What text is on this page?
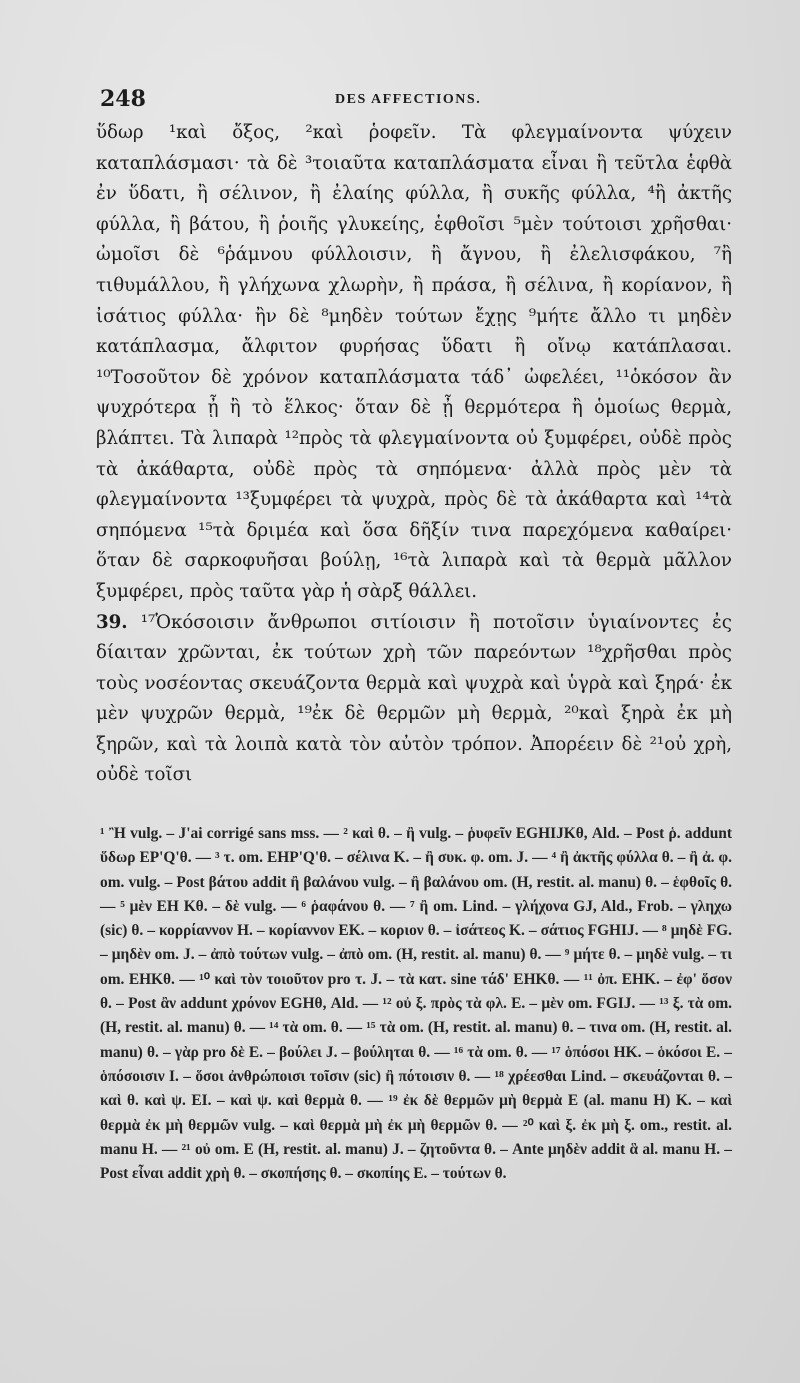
248	DES AFFECTIONS.

ὕδωρ ¹καὶ ὄξος, ²καὶ ῥοφεῖν. Τὰ φλεγμαίνοντα ψύχειν καταπλάσμασι· τὰ δὲ ³τοιαῦτα καταπλάσματα εἶναι ἢ τεῦτλα ἑφθὰ ἐν ὕδατι, ἢ σέλινον, ἢ ἐλαίης φύλλα, ἢ συκῆς φύλλα, ⁴ἢ ἀκτῆς φύλλα, ἢ βάτου, ἢ ῥοιῆς γλυκείης, ἑφθοῖσι ⁵μὲν τούτοισι χρῆσθαι· ὠμοῖσι δὲ ⁶ῥάμνου φύλλοισιν, ἢ ἄγνου, ἢ ἐλελισφάκου, ⁷ἢ τιθυμάλλου, ἢ γλήχωνα χλωρὴν, ἢ πράσα, ἢ σέλινα, ἢ κορίανον, ἢ ἰσάτιος φύλλα· ἢν δὲ ⁸μηδὲν τούτων ἔχῃς ⁹μήτε ἄλλο τι μηδὲν κατάπλασμα, ἄλφιτον φυρήσας ὕδατι ἢ οἴνῳ κατάπλασαι. ¹⁰Τοσοῦτον δὲ χρόνον καταπλάσματα τάδ᾽ ὠφελέει, ¹¹ὁκόσον ἂν ψυχρότερα ᾖ ἢ τὸ ἕλκος· ὅταν δὲ ᾖ θερμότερα ἢ ὁμοίως θερμὰ, βλάπτει. Τὰ λιπαρὰ ¹²πρὸς τὰ φλεγμαίνοντα οὐ ξυμφέρει, οὐδὲ πρὸς τὰ ἀκάθαρτα, οὐδὲ πρὸς τὰ σηπόμενα· ἀλλὰ πρὸς μὲν τὰ φλεγμαίνοντα ¹³ξυμφέρει τὰ ψυχρὰ, πρὸς δὲ τὰ ἀκάθαρτα καὶ ¹⁴τὰ σηπόμενα ¹⁵τὰ δριμέα καὶ ὅσα δῆξίν τινα παρεχόμενα καθαίρει· ὅταν δὲ σαρκοφυῆσαι βούλῃ, ¹⁶τὰ λιπαρὰ καὶ τὰ θερμὰ μᾶλλον ξυμφέρει, πρὸς ταῦτα γὰρ ἡ σὰρξ θάλλει.

39. ¹⁷Ὁκόσοισιν ἄνθρωποι σιτίοισιν ἢ ποτοῖσιν ὑγιαίνοντες ἐς δίαιταν χρῶνται, ἐκ τούτων χρὴ τῶν παρεόντων ¹⁸χρῆσθαι πρὸς τοὺς νοσέοντας σκευάζοντα θερμὰ καὶ ψυχρὰ καὶ ὑγρὰ καὶ ξηρά· ἐκ μὲν ψυχρῶν θερμὰ, ¹⁹ἐκ δὲ θερμῶν μὴ θερμὰ, ²⁰καὶ ξηρὰ ἐκ μὴ ξηρῶν, καὶ τὰ λοιπὰ κατὰ τὸν αὐτὸν τρόπον. Ἀπορέειν δὲ ²¹οὐ χρὴ, οὐδὲ τοῖσι

¹ Ἢ vulg. – J'ai corrigé sans mss. — ² καὶ θ. – ἢ vulg. – ῥυφεῖν EGHIJKθ, Ald. – Post ῥ. addunt ὕδωρ EP'Q'θ. — ³ τ. om. EHP'Q'θ. – σέλινα K. – ἢ συκ. φ. om. J. — ⁴ ἢ ἀκτῆς φύλλα θ. – ἢ ἀ. φ. om. vulg. – Post βάτου addit ἢ βαλάνου vulg. – ἢ βαλάνου om. (H, restit. al. manu) θ. – ἑφθοῖς θ. — ⁵ μὲν EH Kθ. – δὲ vulg. — ⁶ ῥαφάνου θ. — ⁷ ἢ om. Lind. – γλήχονα GJ, Ald., Frob. – γληχω (sic) θ. – κορρίαννον H. – κορίαννον EK. – κοριον θ. – ἰσάτεος K. – σάτιος FGHIJ. — ⁸ μηδὲ FG. – μηδὲν om. J. – ἀπὸ τούτων vulg. – ἀπὸ om. (H, restit. al. manu) θ. — ⁹ μήτε θ. – μηδὲ vulg. – τι om. EHKθ. — ¹⁰ καὶ τὸν τοιοῦτον pro τ. J. – τὰ κατ. sine τάδ' EHKθ. — ¹¹ ὀπ. EHK. – ἐφ' ὅσον θ. – Post ἂν addunt χρόνον EGHθ, Ald. — ¹² οὐ ξ. πρὸς τὰ φλ. E. – μὲν om. FGIJ. — ¹³ ξ. τὰ om. (H, restit. al. manu) θ. — ¹⁴ τὰ om. θ. — ¹⁵ τὰ om. (H, restit. al. manu) θ. – τινα om. (H, restit. al. manu) θ. – γὰρ pro δὲ E. – βούλει J. – βούληται θ. — ¹⁶ τὰ om. θ. — ¹⁷ ὁπόσοι HK. – ὁκόσοι E. – ὁπόσοισιν I. – ὅσοι ἀνθρώποισι τοῖσιν (sic) ἢ πότοισιν θ. — ¹⁸ χρέεσθαι Lind. – σκευάζονται θ. – καὶ θ. καὶ ψ. EI. – καὶ ψ. καὶ θερμὰ θ. — ¹⁹ ἐκ δὲ θερμῶν μὴ θερμὰ E (al. manu H) K. – καὶ θερμὰ ἐκ μὴ θερμῶν vulg. – καὶ θερμὰ μὴ ἐκ μὴ θερμῶν θ. — ²⁰ καὶ ξ. ἐκ μὴ ξ. om., restit. al. manu H. — ²¹ οὐ om. E (H, restit. al. manu) J. – ζητοῦντα θ. – Ante μηδὲν addit ἃ al. manu H. – Post εἶναι addit χρὴ θ. – σκοπήσης θ. – σκοπίης E. – τούτων θ.
